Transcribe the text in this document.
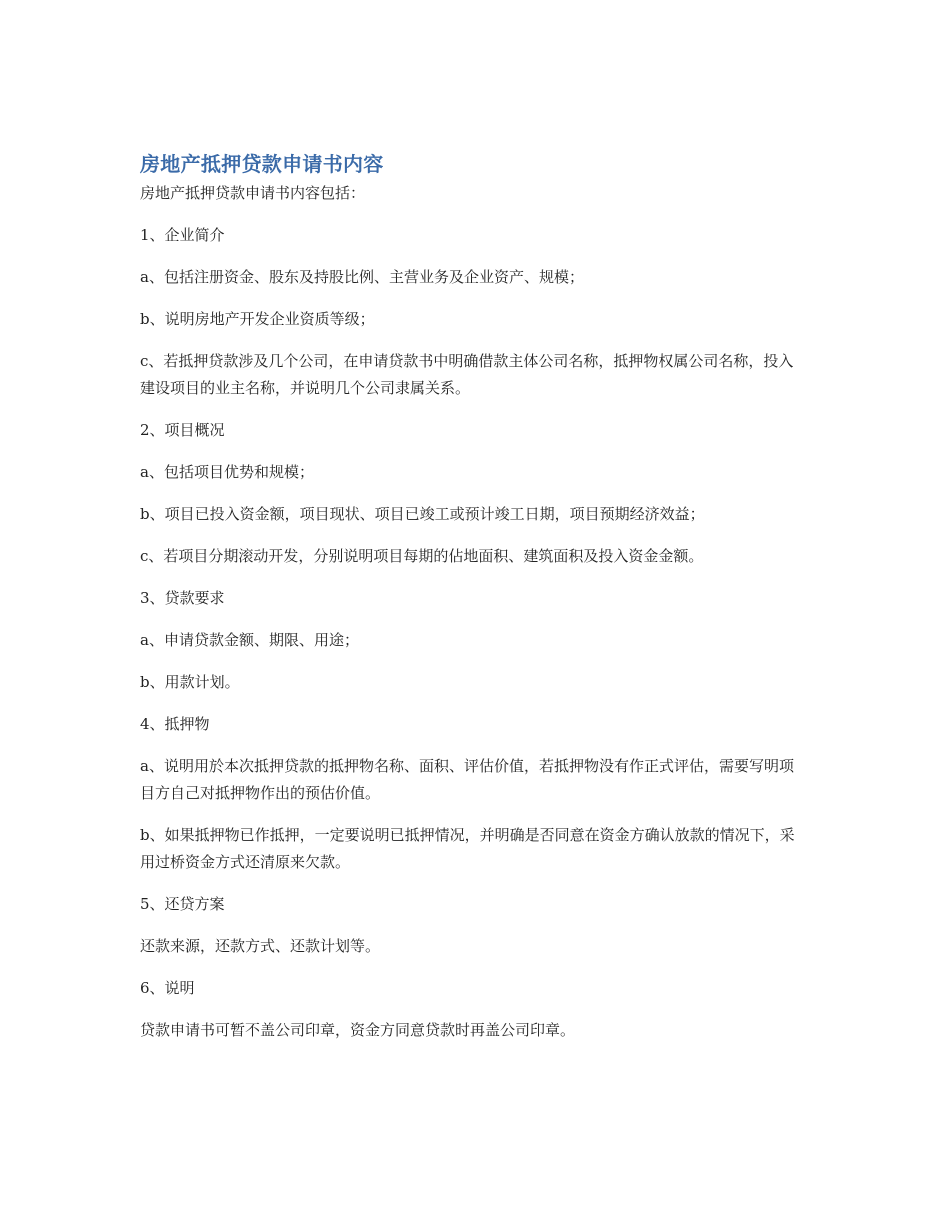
房地产抵押贷款申请书内容

房地产抵押贷款申请书内容包括：

1、企业简介

a、包括注册资金、股东及持股比例、主营业务及企业资产、规模；

b、说明房地产开发企业资质等级；

c、若抵押贷款涉及几个公司，在申请贷款书中明确借款主体公司名称，抵押物权属公司名称，投入建设项目的业主名称，并说明几个公司隶属关系。

2、项目概况

a、包括项目优势和规模；

b、项目已投入资金额，项目现状、项目已竣工或预计竣工日期，项目预期经济效益；

c、若项目分期滚动开发，分别说明项目每期的佔地面积、建筑面积及投入资金金额。

3、贷款要求

a、申请贷款金额、期限、用途；

b、用款计划。

4、抵押物

a、说明用於本次抵押贷款的抵押物名称、面积、评估价值，若抵押物没有作正式评估，需要写明项目方自己对抵押物作出的预估价值。

b、如果抵押物已作抵押，一定要说明已抵押情况，并明确是否同意在资金方确认放款的情况下，采用过桥资金方式还清原来欠款。

5、还贷方案

还款来源，还款方式、还款计划等。

6、说明

贷款申请书可暂不盖公司印章，资金方同意贷款时再盖公司印章。
